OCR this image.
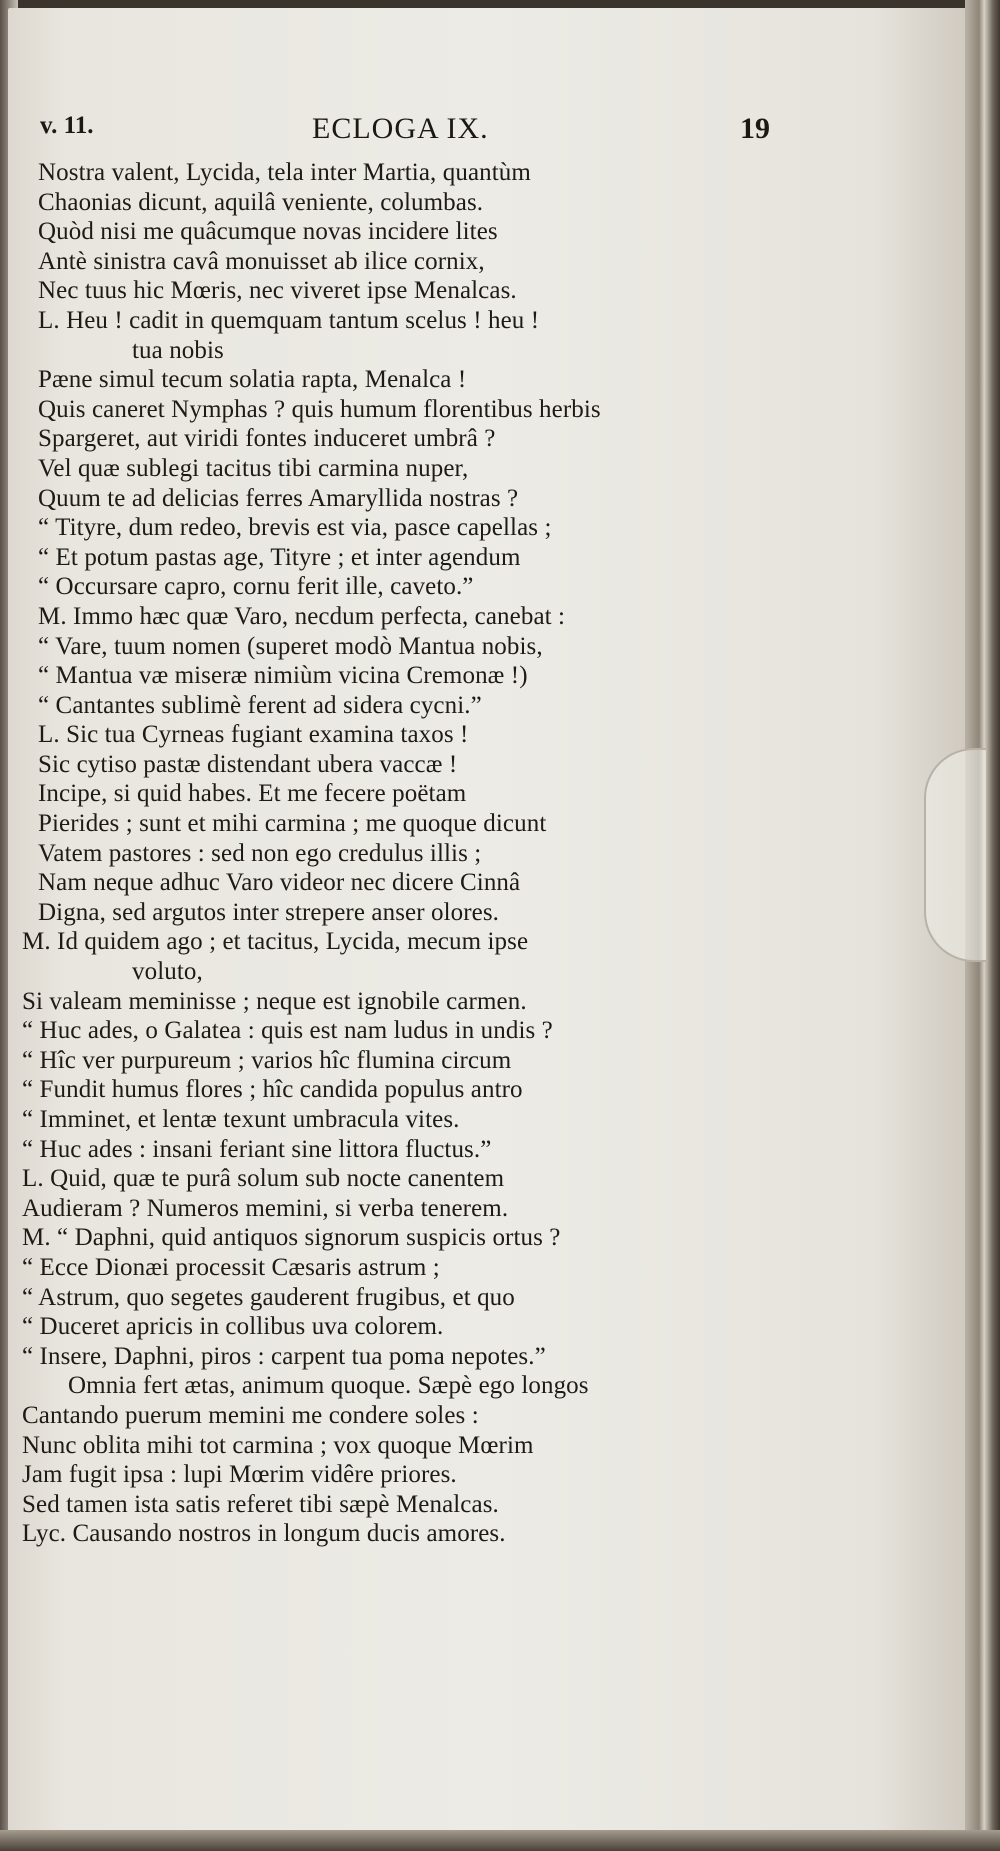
v. 11.	ECLOGA IX.	19
Nostra valent, Lycida, tela inter Martia, quantùm
Chaonias dicunt, aquilâ veniente, columbas.
Quòd nisi me quâcumque novas incidere lites
Antè sinistra cavâ monuisset ab ilice cornix,
Nec tuus hic Mœris, nec viveret ipse Menalcas.
L. Heu ! cadit in quemquam tantum scelus ! heu !
tua nobis
Pæne simul tecum solatia rapta, Menalca !
Quis caneret Nymphas ? quis humum florentibus herbis
Spargeret, aut viridi fontes induceret umbrâ ?
Vel quæ sublegi tacitus tibi carmina nuper,
Quum te ad delicias ferres Amaryllida nostras ?
“ Tityre, dum redeo, brevis est via, pasce capellas ;
“ Et potum pastas age, Tityre ; et inter agendum
“ Occursare capro, cornu ferit ille, caveto.”
M. Immo hæc quæ Varo, necdum perfecta, canebat :
“ Vare, tuum nomen (superet modò Mantua nobis,
“ Mantua væ miseræ nimiùm vicina Cremonæ !)
“ Cantantes sublimè ferent ad sidera cycni.”
L. Sic tua Cyrneas fugiant examina taxos !
Sic cytiso pastæ distendant ubera vaccæ !
Incipe, si quid habes. Et me fecere poëtam
Pierides ; sunt et mihi carmina ; me quoque dicunt
Vatem pastores : sed non ego credulus illis ;
Nam neque adhuc Varo videor nec dicere Cinnâ
Digna, sed argutos inter strepere anser olores.
M. Id quidem ago ; et tacitus, Lycida, mecum ipse
voluto,
Si valeam meminisse ; neque est ignobile carmen.
“ Huc ades, o Galatea : quis est nam ludus in undis ?
“ Hîc ver purpureum ; varios hîc flumina circum
“ Fundit humus flores ; hîc candida populus antro
“ Imminet, et lentæ texunt umbracula vites.
“ Huc ades : insani feriant sine littora fluctus.”
L. Quid, quæ te purâ solum sub nocte canentem
Audieram ? Numeros memini, si verba tenerem.
M. “ Daphni, quid antiquos signorum suspicis ortus ?
“ Ecce Dionæi processit Cæsaris astrum ;
“ Astrum, quo segetes gauderent frugibus, et quo
“ Duceret apricis in collibus uva colorem.
“ Insere, Daphni, piros : carpent tua poma nepotes.”
Omnia fert ætas, animum quoque. Sæpè ego longos
Cantando puerum memini me condere soles :
Nunc oblita mihi tot carmina ; vox quoque Mœrim
Jam fugit ipsa : lupi Mœrim vidêre priores.
Sed tamen ista satis referet tibi sæpè Menalcas.
Lyc. Causando nostros in longum ducis amores.
